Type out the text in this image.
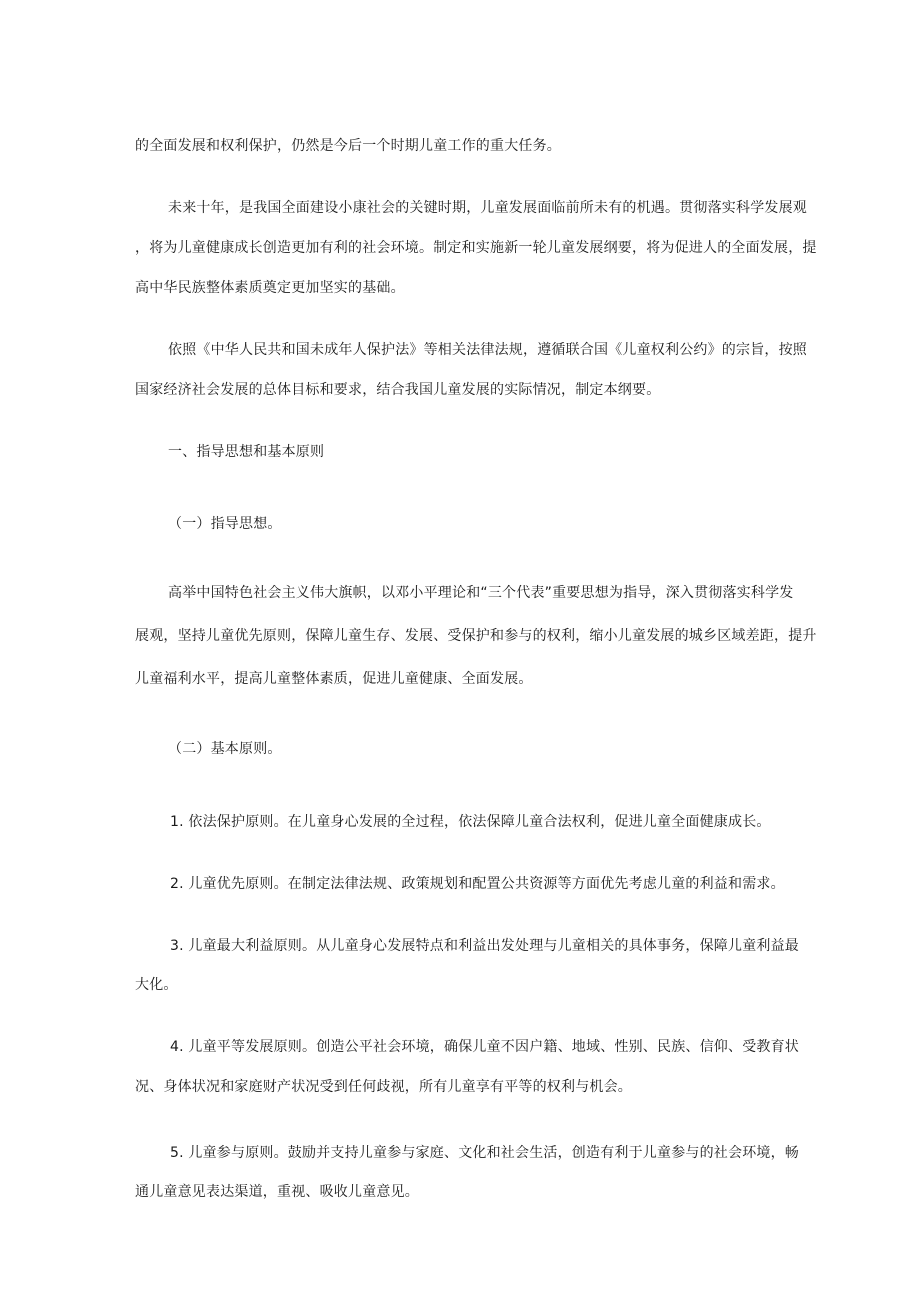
的全面发展和权利保护，仍然是今后一个时期儿童工作的重大任务。

未来十年，是我国全面建设小康社会的关键时期，儿童发展面临前所未有的机遇。贯彻落实科学发展观

，将为儿童健康成长创造更加有利的社会环境。制定和实施新一轮儿童发展纲要，将为促进人的全面发展，提

高中华民族整体素质奠定更加坚实的基础。

依照《中华人民共和国未成年人保护法》等相关法律法规，遵循联合国《儿童权利公约》的宗旨，按照

国家经济社会发展的总体目标和要求，结合我国儿童发展的实际情况，制定本纲要。

一、指导思想和基本原则

（一）指导思想。

高举中国特色社会主义伟大旗帜，以邓小平理论和“三个代表”重要思想为指导，深入贯彻落实科学发

展观，坚持儿童优先原则，保障儿童生存、发展、受保护和参与的权利，缩小儿童发展的城乡区域差距，提升

儿童福利水平，提高儿童整体素质，促进儿童健康、全面发展。

（二）基本原则。

1. 依法保护原则。在儿童身心发展的全过程，依法保障儿童合法权利，促进儿童全面健康成长。

2. 儿童优先原则。在制定法律法规、政策规划和配置公共资源等方面优先考虑儿童的利益和需求。

3. 儿童最大利益原则。从儿童身心发展特点和利益出发处理与儿童相关的具体事务，保障儿童利益最

大化。

4. 儿童平等发展原则。创造公平社会环境，确保儿童不因户籍、地域、性别、民族、信仰、受教育状

况、身体状况和家庭财产状况受到任何歧视，所有儿童享有平等的权利与机会。

5. 儿童参与原则。鼓励并支持儿童参与家庭、文化和社会生活，创造有利于儿童参与的社会环境，畅

通儿童意见表达渠道，重视、吸收儿童意见。
